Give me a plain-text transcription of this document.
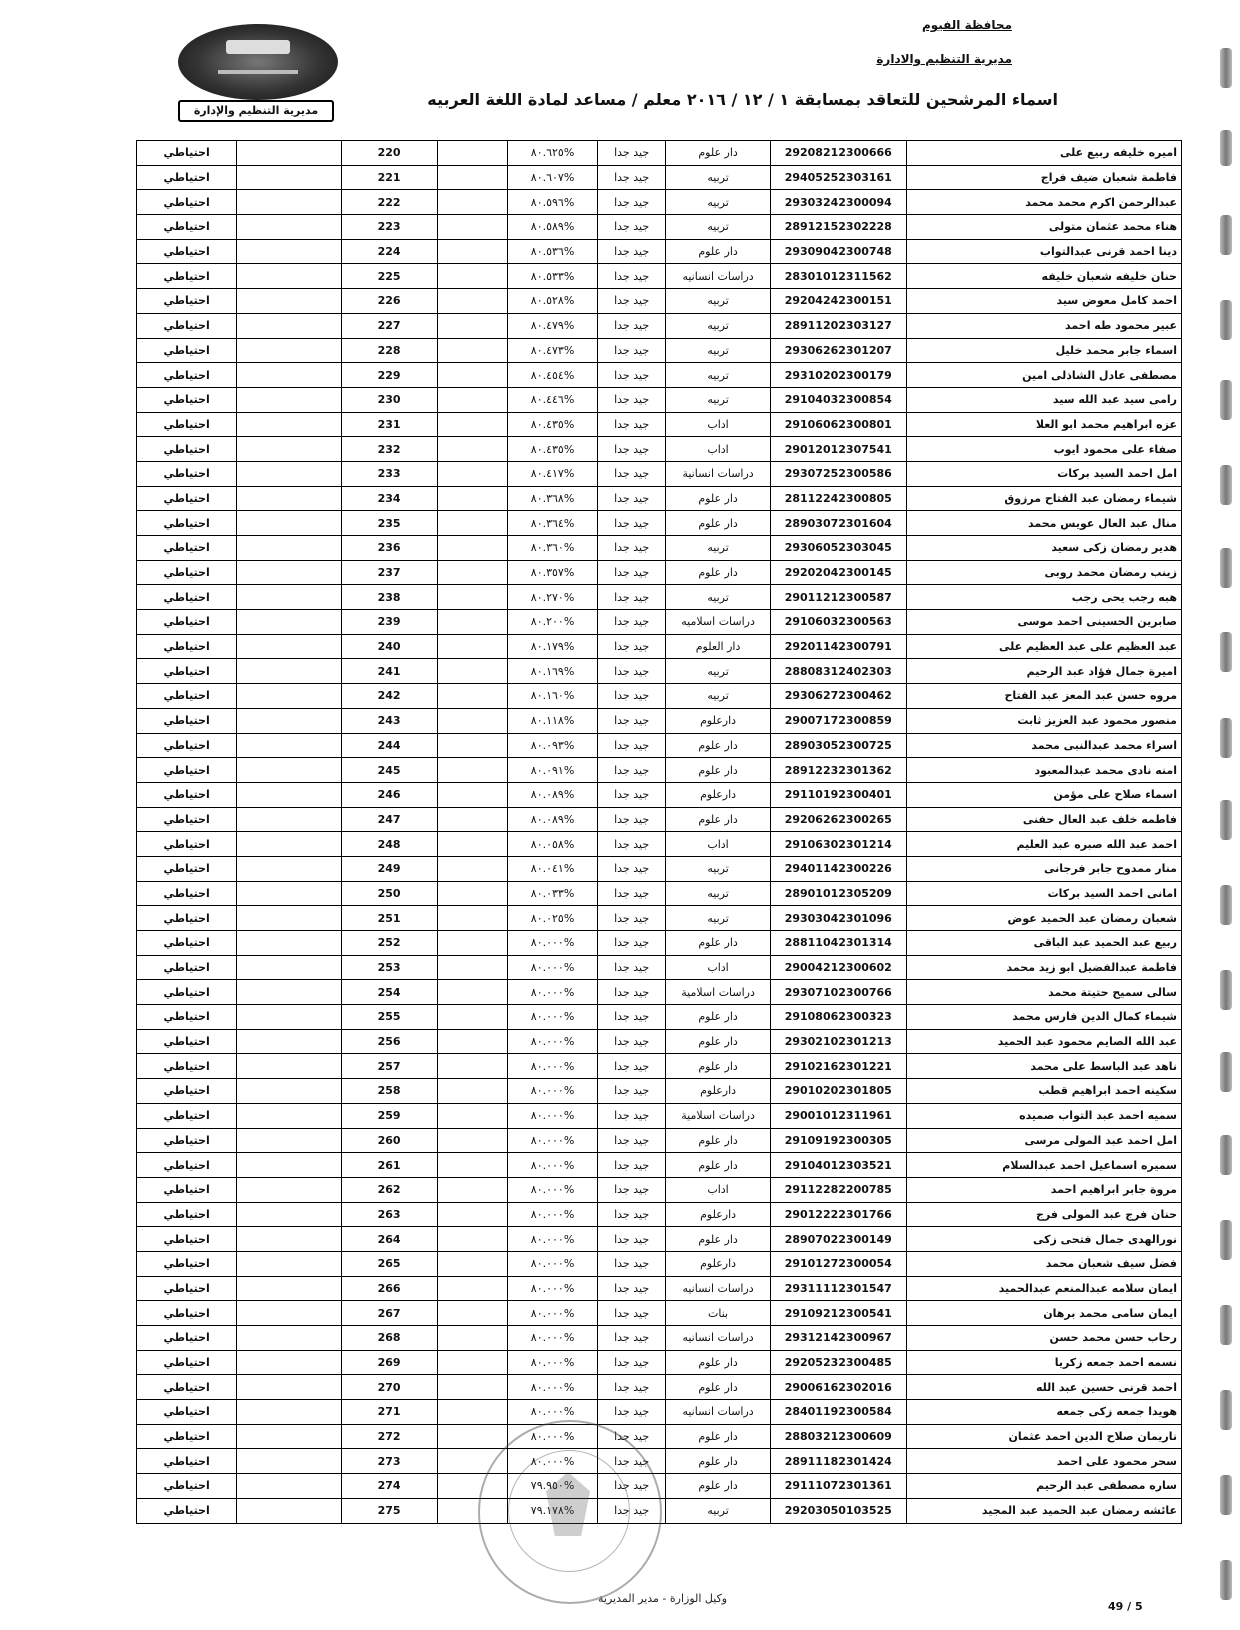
محافظة الفيوم
مديرية التنظيم والادارة
مديرية التنظيم والإدارة
اسماء المرشحين للتعاقد بمسابقة ١ / ١٢ / ٢٠١٦ معلم / مساعد لمادة اللغة العربيه
اميره خليفه ربيع على	29208212300666	دار علوم	جيد جدا	%٨٠.٦٢٥		220		احتياطي
فاطمة شعبان ضيف فراج	29405252303161	تربيه	جيد جدا	%٨٠.٦٠٧		221		احتياطي
عبدالرحمن اكرم محمد محمد	29303242300094	تربيه	جيد جدا	%٨٠.٥٩٦		222		احتياطي
هناء محمد عثمان متولى	28912152302228	تربيه	جيد جدا	%٨٠.٥٨٩		223		احتياطي
دينا احمد قرنى عبدالتواب	29309042300748	دار علوم	جيد جدا	%٨٠.٥٣٦		224		احتياطي
حنان خليفه شعبان خليفه	28301012311562	دراسات انسانيه	جيد جدا	%٨٠.٥٣٣		225		احتياطي
احمد كامل معوض سيد	29204242300151	تربيه	جيد جدا	%٨٠.٥٢٨		226		احتياطي
عبير محمود طه احمد	28911202303127	تربيه	جيد جدا	%٨٠.٤٧٩		227		احتياطي
اسماء جابر محمد خليل	29306262301207	تربيه	جيد جدا	%٨٠.٤٧٣		228		احتياطي
مصطفى عادل الشاذلى امين	29310202300179	تربيه	جيد جدا	%٨٠.٤٥٤		229		احتياطي
رامى سيد عبد الله سيد	29104032300854	تربيه	جيد جدا	%٨٠.٤٤٦		230		احتياطي
عزه ابراهيم محمد ابو العلا	29106062300801	اداب	جيد جدا	%٨٠.٤٣٥		231		احتياطي
صفاء على محمود ايوب	29012012307541	اداب	جيد جدا	%٨٠.٤٣٥		232		احتياطي
امل احمد السيد بركات	29307252300586	دراسات انسانية	جيد جدا	%٨٠.٤١٧		233		احتياطي
شيماء رمضان عبد الفتاح مرزوق	28112242300805	دار علوم	جيد جدا	%٨٠.٣٦٨		234		احتياطي
منال عبد العال عويس محمد	28903072301604	دار علوم	جيد جدا	%٨٠.٣٦٤		235		احتياطي
هدير رمضان زكى سعيد	29306052303045	تربيه	جيد جدا	%٨٠.٣٦٠		236		احتياطي
زينب رمضان محمد روبى	29202042300145	دار علوم	جيد جدا	%٨٠.٣٥٧		237		احتياطي
هبه رجب يحى رجب	29011212300587	تربيه	جيد جدا	%٨٠.٢٧٠		238		احتياطي
صابرين الحسينى احمد موسى	29106032300563	دراسات اسلاميه	جيد جدا	%٨٠.٢٠٠		239		احتياطي
عبد العظيم على عبد العظيم على	29201142300791	دار العلوم	جيد جدا	%٨٠.١٧٩		240		احتياطي
اميرة جمال فؤاد عبد الرحيم	28808312402303	تربيه	جيد جدا	%٨٠.١٦٩		241		احتياطي
مروه حسن عبد المعز عبد الفتاح	29306272300462	تربيه	جيد جدا	%٨٠.١٦٠		242		احتياطي
منصور محمود عبد العزيز ثابت	29007172300859	دارعلوم	جيد جدا	%٨٠.١١٨		243		احتياطي
اسراء محمد عبدالنبى محمد	28903052300725	دار علوم	جيد جدا	%٨٠.٠٩٣		244		احتياطي
امنه نادى محمد عبدالمعبود	28912232301362	دار علوم	جيد جدا	%٨٠.٠٩١		245		احتياطي
اسماء صلاح على مؤمن	29110192300401	دارعلوم	جيد جدا	%٨٠.٠٨٩		246		احتياطي
فاطمه خلف عبد العال حفنى	29206262300265	دار علوم	جيد جدا	%٨٠.٠٨٩		247		احتياطي
احمد عبد الله صبره عبد العليم	29106302301214	اداب	جيد جدا	%٨٠.٠٥٨		248		احتياطي
منار ممدوح جابر فرجانى	29401142300226	تربيه	جيد جدا	%٨٠.٠٤١		249		احتياطي
امانى احمد السيد بركات	28901012305209	تربيه	جيد جدا	%٨٠.٠٣٣		250		احتياطي
شعبان رمضان عبد الحميد عوض	29303042301096	تربيه	جيد جدا	%٨٠.٠٢٥		251		احتياطي
ربيع عبد الحميد عبد الباقى	28811042301314	دار علوم	جيد جدا	%٨٠.٠٠٠		252		احتياطي
فاطمة عبدالفضيل ابو زيد محمد	29004212300602	اداب	جيد جدا	%٨٠.٠٠٠		253		احتياطي
سالى سميح حتيتة محمد	29307102300766	دراسات اسلامية	جيد جدا	%٨٠.٠٠٠		254		احتياطي
شيماء كمال الدين فارس محمد	29108062300323	دار علوم	جيد جدا	%٨٠.٠٠٠		255		احتياطي
عبد الله الصايم محمود عبد الحميد	29302102301213	دار علوم	جيد جدا	%٨٠.٠٠٠		256		احتياطي
ناهد عبد الباسط على محمد	29102162301221	دار علوم	جيد جدا	%٨٠.٠٠٠		257		احتياطي
سكينه احمد ابراهيم قطب	29010202301805	دارعلوم	جيد جدا	%٨٠.٠٠٠		258		احتياطي
سميه احمد عبد التواب صميده	29001012311961	دراسات اسلامية	جيد جدا	%٨٠.٠٠٠		259		احتياطي
امل احمد عبد المولى مرسى	29109192300305	دار علوم	جيد جدا	%٨٠.٠٠٠		260		احتياطي
سميره اسماعيل احمد عبدالسلام	29104012303521	دار علوم	جيد جدا	%٨٠.٠٠٠		261		احتياطي
مروة جابر ابراهيم احمد	29112282200785	اداب	جيد جدا	%٨٠.٠٠٠		262		احتياطي
حنان فرج عبد المولى فرج	29012222301766	دارعلوم	جيد جدا	%٨٠.٠٠٠		263		احتياطي
نورالهدى جمال فتحى زكى	28907022300149	دار علوم	جيد جدا	%٨٠.٠٠٠		264		احتياطي
فضل سيف شعبان محمد	29101272300054	دارعلوم	جيد جدا	%٨٠.٠٠٠		265		احتياطي
ايمان سلامه عبدالمنعم عبدالحميد	29311112301547	دراسات انسانيه	جيد جدا	%٨٠.٠٠٠		266		احتياطي
ايمان سامى محمد برهان	29109212300541	بنات	جيد جدا	%٨٠.٠٠٠		267		احتياطي
رحاب حسن محمد حسن	29312142300967	دراسات انسانيه	جيد جدا	%٨٠.٠٠٠		268		احتياطي
نسمه احمد جمعه زكريا	29205232300485	دار علوم	جيد جدا	%٨٠.٠٠٠		269		احتياطي
احمد قرنى حسين عبد الله	29006162302016	دار علوم	جيد جدا	%٨٠.٠٠٠		270		احتياطي
هويدا جمعه زكى جمعه	28401192300584	دراسات انسانيه	جيد جدا	%٨٠.٠٠٠		271		احتياطي
ناريمان صلاح الدين احمد عثمان	28803212300609	دار علوم	جيد جدا	%٨٠.٠٠٠		272		احتياطي
سحر محمود على احمد	28911182301424	دار علوم	جيد جدا	%٨٠.٠٠٠		273		احتياطي
ساره مصطفى عبد الرحيم	29111072301361	دار علوم	جيد جدا	%٧٩.٩٥٠		274		احتياطي
عائشه رمضان عبد الحميد عبد المجيد	29203050103525	تربيه	جيد جدا	%٧٩.١٧٨		275		احتياطي
وكيل الوزارة - مدير المديرية
49 / 5
